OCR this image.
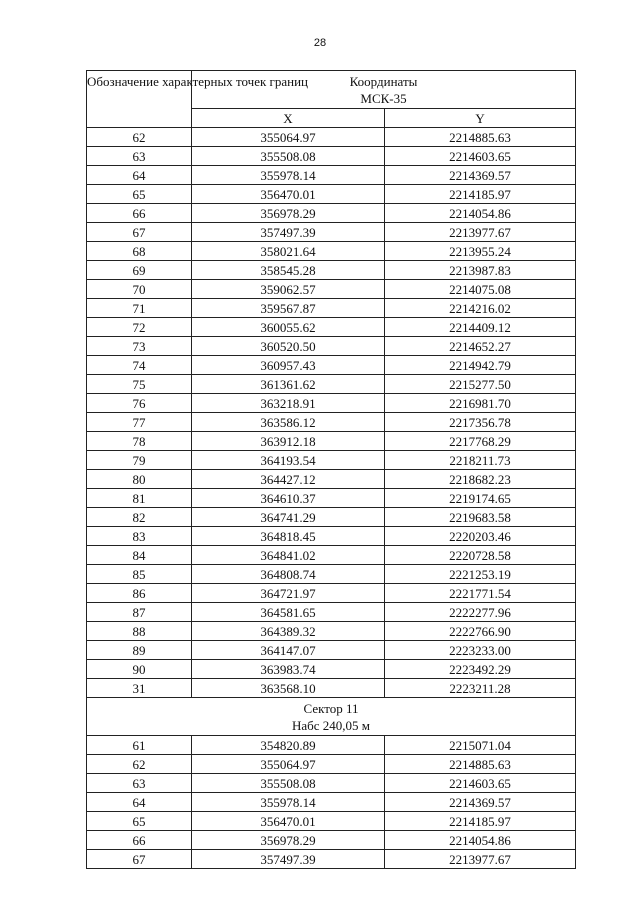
28
Обозначение характерных точек границ	Координаты
МСК-35	
	X	Y
62	355064.97	2214885.63
63	355508.08	2214603.65
64	355978.14	2214369.57
65	356470.01	2214185.97
66	356978.29	2214054.86
67	357497.39	2213977.67
68	358021.64	2213955.24
69	358545.28	2213987.83
70	359062.57	2214075.08
71	359567.87	2214216.02
72	360055.62	2214409.12
73	360520.50	2214652.27
74	360957.43	2214942.79
75	361361.62	2215277.50
76	363218.91	2216981.70
77	363586.12	2217356.78
78	363912.18	2217768.29
79	364193.54	2218211.73
80	364427.12	2218682.23
81	364610.37	2219174.65
82	364741.29	2219683.58
83	364818.45	2220203.46
84	364841.02	2220728.58
85	364808.74	2221253.19
86	364721.97	2221771.54
87	364581.65	2222277.96
88	364389.32	2222766.90
89	364147.07	2223233.00
90	363983.74	2223492.29
31	363568.10	2223211.28
Сектор 11
Набс 240,05 м		
61	354820.89	2215071.04
62	355064.97	2214885.63
63	355508.08	2214603.65
64	355978.14	2214369.57
65	356470.01	2214185.97
66	356978.29	2214054.86
67	357497.39	2213977.67
